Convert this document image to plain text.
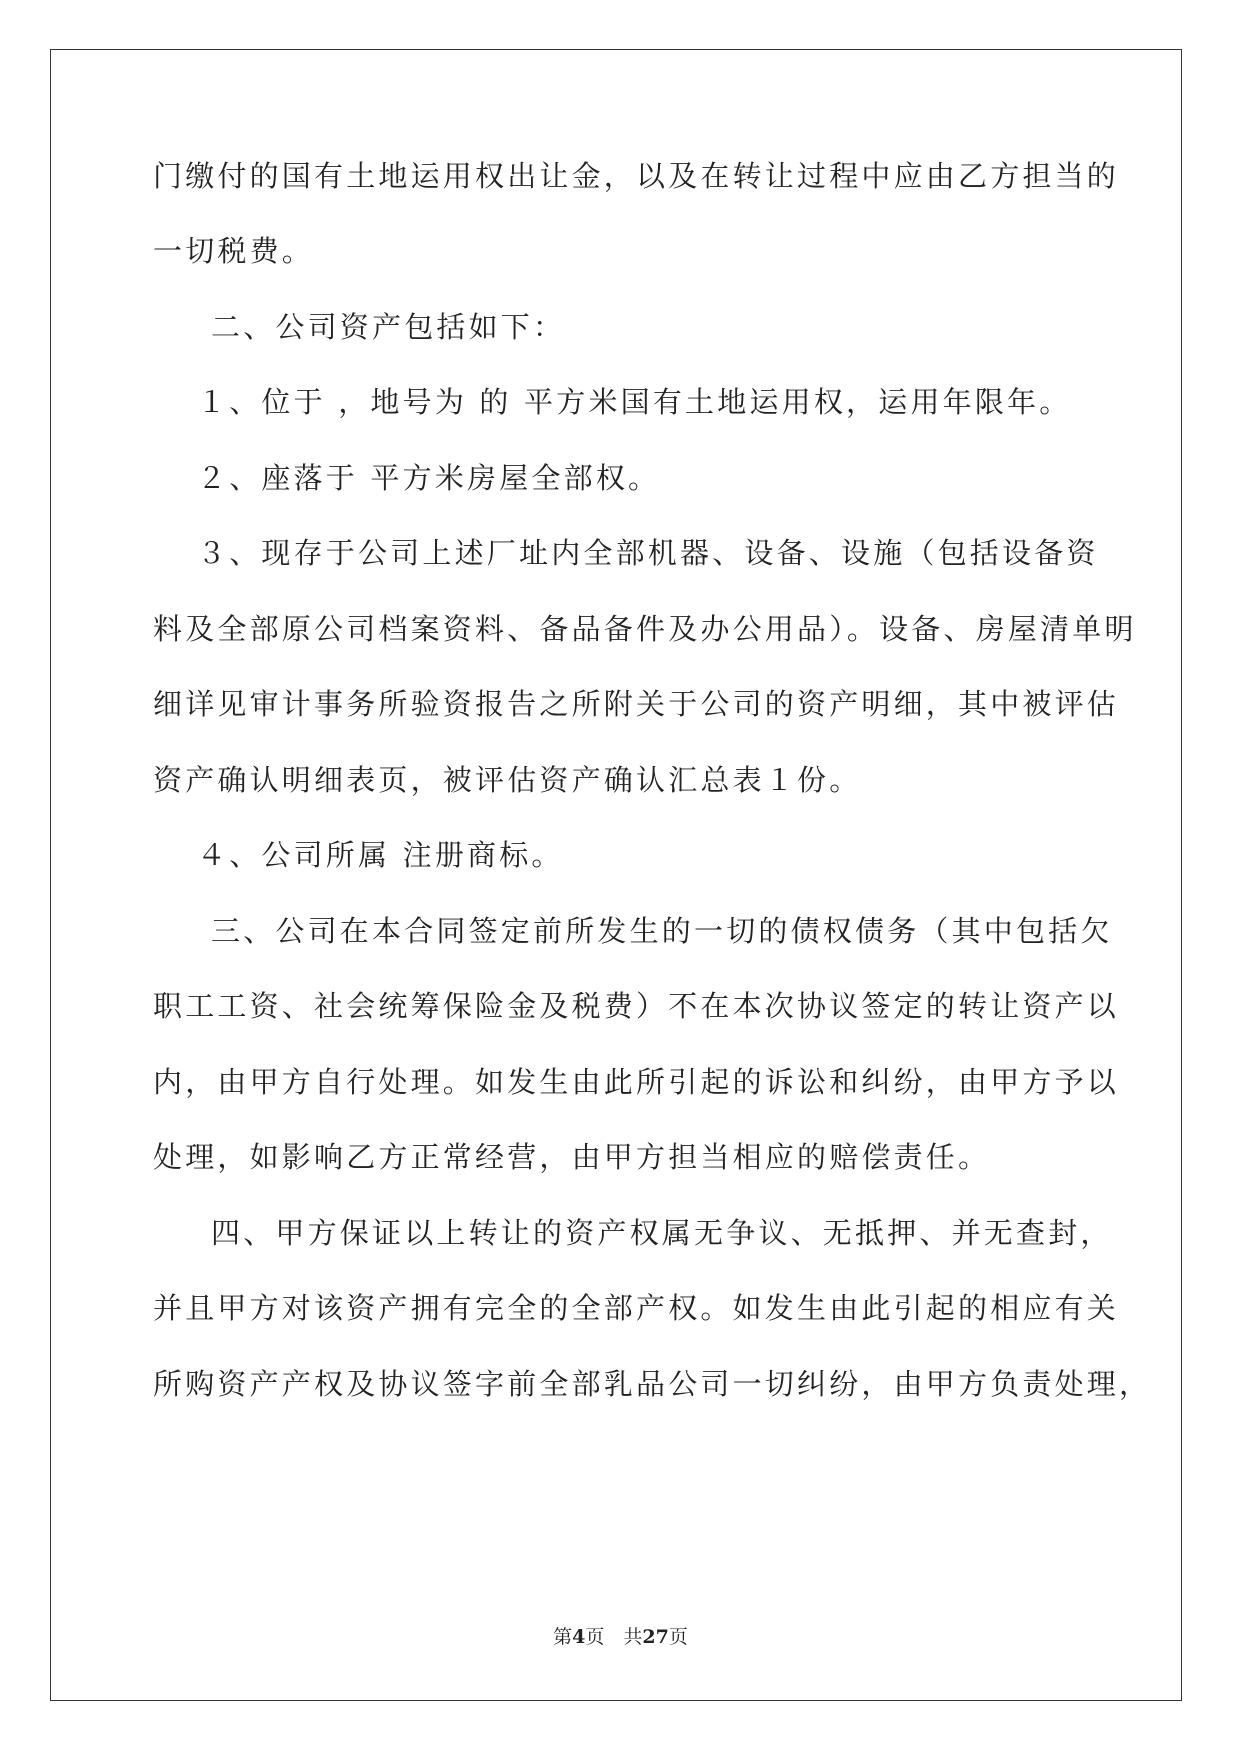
门缴付的国有土地运用权出让金，以及在转让过程中应由乙方担当的
一切税费。
二、公司资产包括如下：
１、位于 ，地号为 的 平方米国有土地运用权，运用年限年。
２、座落于 平方米房屋全部权。
３、现存于公司上述厂址内全部机器、设备、设施（包括设备资
料及全部原公司档案资料、备品备件及办公用品）。设备、房屋清单明
细详见审计事务所验资报告之所附关于公司的资产明细，其中被评估
资产确认明细表页，被评估资产确认汇总表１份。
４、公司所属 注册商标。
三、公司在本合同签定前所发生的一切的债权债务（其中包括欠
职工工资、社会统筹保险金及税费）不在本次协议签定的转让资产以
内，由甲方自行处理。如发生由此所引起的诉讼和纠纷，由甲方予以
处理，如影响乙方正常经营，由甲方担当相应的赔偿责任。
四、甲方保证以上转让的资产权属无争议、无抵押、并无查封，
并且甲方对该资产拥有完全的全部产权。如发生由此引起的相应有关
所购资产产权及协议签字前全部乳品公司一切纠纷，由甲方负责处理，
第4页　共27页
